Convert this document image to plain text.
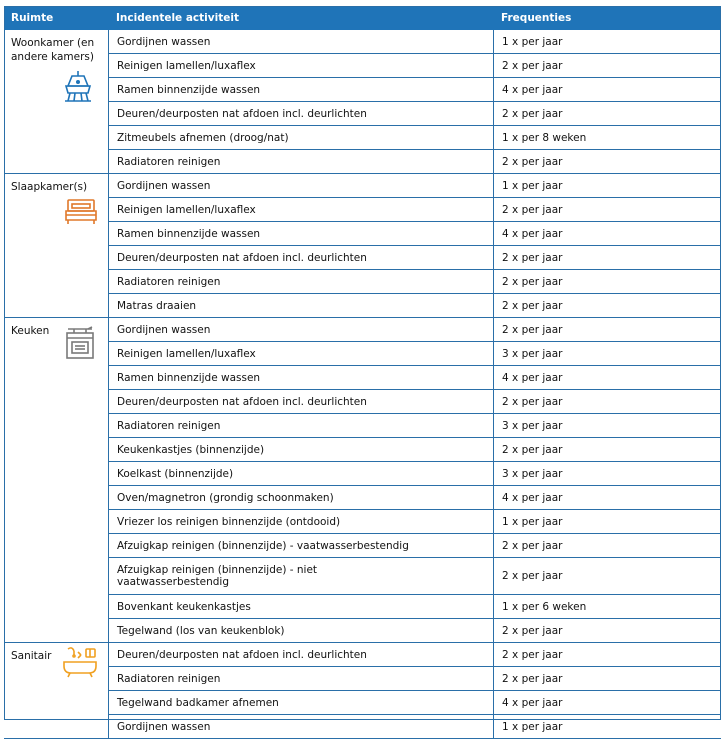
Ruimte	Incidentele activiteit	Frequenties
Woonkamer (en andere kamers)
Gordijnen wassen	1 x per jaar
Reinigen lamellen/luxaflex	2 x per jaar
Ramen binnenzijde wassen	4 x per jaar
Deuren/deurposten nat afdoen incl. deurlichten	2 x per jaar
Zitmeubels afnemen (droog/nat)	1 x per 8 weken
Radiatoren reinigen	2 x per jaar
Slaapkamer(s)	Gordijnen wassen	1 x per jaar
Reinigen lamellen/luxaflex	2 x per jaar
Ramen binnenzijde wassen	4 x per jaar
Deuren/deurposten nat afdoen incl. deurlichten	2 x per jaar
Radiatoren reinigen	2 x per jaar
Matras draaien	2 x per jaar
Keuken	Gordijnen wassen	2 x per jaar
Reinigen lamellen/luxaflex	3 x per jaar
Ramen binnenzijde wassen	4 x per jaar
Deuren/deurposten nat afdoen incl. deurlichten	2 x per jaar
Radiatoren reinigen	3 x per jaar
Keukenkastjes (binnenzijde)	2 x per jaar
Koelkast (binnenzijde)	3 x per jaar
Oven/magnetron (grondig schoonmaken)	4 x per jaar
Vriezer los reinigen binnenzijde (ontdooid)	1 x per jaar
Afzuigkap reinigen (binnenzijde) - vaatwasserbestendig	2 x per jaar
Afzuigkap reinigen (binnenzijde) - niet vaatwasserbestendig	2 x per jaar
Bovenkant keukenkastjes	1 x per 6 weken
Tegelwand (los van keukenblok)	2 x per jaar
Sanitair	Deuren/deurposten nat afdoen incl. deurlichten	2 x per jaar
Radiatoren reinigen	2 x per jaar
Tegelwand badkamer afnemen	4 x per jaar
Gordijnen wassen	1 x per jaar
